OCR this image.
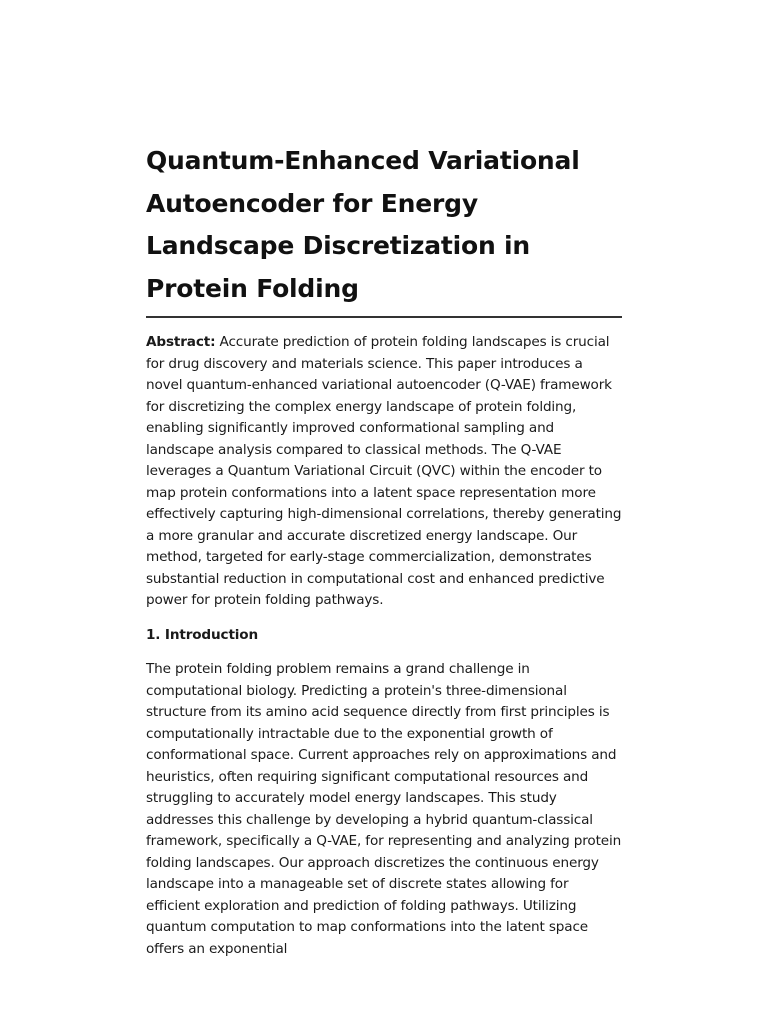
Quantum-Enhanced Variational Autoencoder for Energy Landscape Discretization in Protein Folding

Abstract: Accurate prediction of protein folding landscapes is crucial for drug discovery and materials science. This paper introduces a novel quantum-enhanced variational autoencoder (Q-VAE) framework for discretizing the complex energy landscape of protein folding, enabling significantly improved conformational sampling and landscape analysis compared to classical methods. The Q-VAE leverages a Quantum Variational Circuit (QVC) within the encoder to map protein conformations into a latent space representation more effectively capturing high-dimensional correlations, thereby generating a more granular and accurate discretized energy landscape. Our method, targeted for early-stage commercialization, demonstrates substantial reduction in computational cost and enhanced predictive power for protein folding pathways.

1. Introduction

The protein folding problem remains a grand challenge in computational biology. Predicting a protein's three-dimensional structure from its amino acid sequence directly from first principles is computationally intractable due to the exponential growth of conformational space. Current approaches rely on approximations and heuristics, often requiring significant computational resources and struggling to accurately model energy landscapes. This study addresses this challenge by developing a hybrid quantum-classical framework, specifically a Q-VAE, for representing and analyzing protein folding landscapes. Our approach discretizes the continuous energy landscape into a manageable set of discrete states allowing for efficient exploration and prediction of folding pathways. Utilizing quantum computation to map conformations into the latent space offers an exponential
